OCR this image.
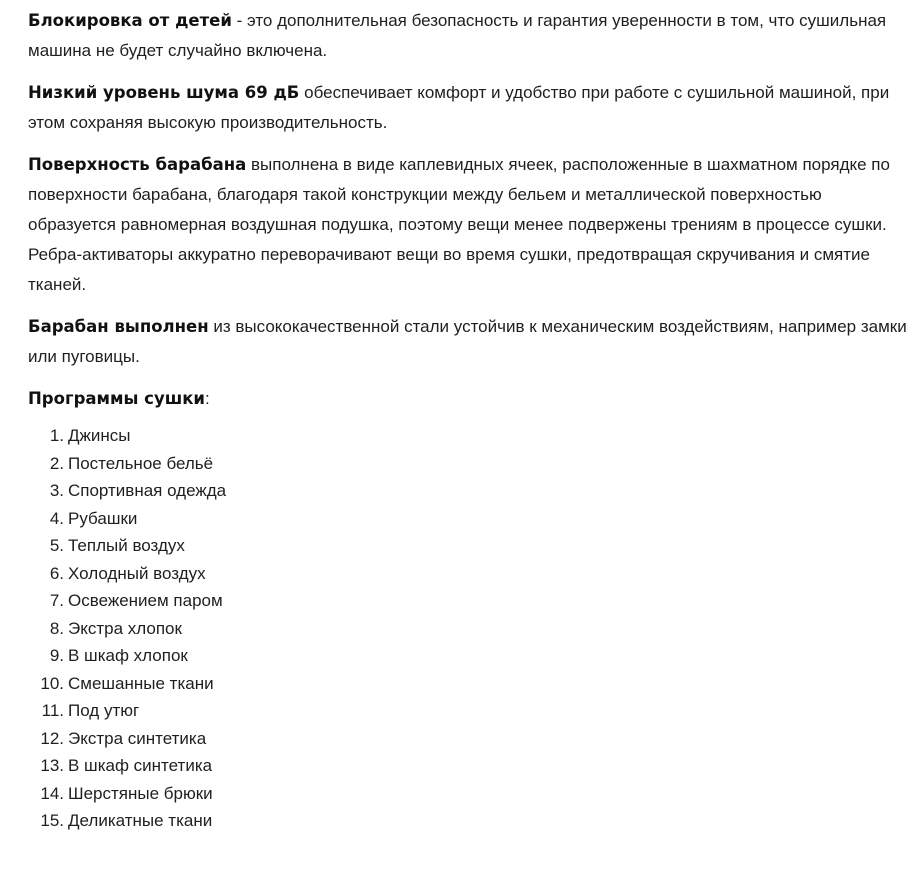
Блокировка от детей - это дополнительная безопасность и гарантия уверенности в том, что сушильная машина не будет случайно включена.

Низкий уровень шума 69 дБ обеспечивает комфорт и удобство при работе с сушильной машиной, при этом сохраняя высокую производительность.

Поверхность барабана выполнена в виде каплевидных ячеек, расположенные в шахматном порядке по поверхности барабана, благодаря такой конструкции между бельем и металлической поверхностью образуется равномерная воздушная подушка, поэтому вещи менее подвержены трениям в процессе сушки. Ребра-активаторы аккуратно переворачивают вещи во время сушки, предотвращая скручивания и смятие тканей.

Барабан выполнен из высококачественной стали устойчив к механическим воздействиям, например замки или пуговицы.

Программы сушки:

1. Джинсы
2. Постельное бельё
3. Спортивная одежда
4. Рубашки
5. Теплый воздух
6. Холодный воздух
7. Освежением паром
8. Экстра хлопок
9. В шкаф хлопок
10. Смешанные ткани
11. Под утюг
12. Экстра синтетика
13. В шкаф синтетика
14. Шерстяные брюки
15. Деликатные ткани
